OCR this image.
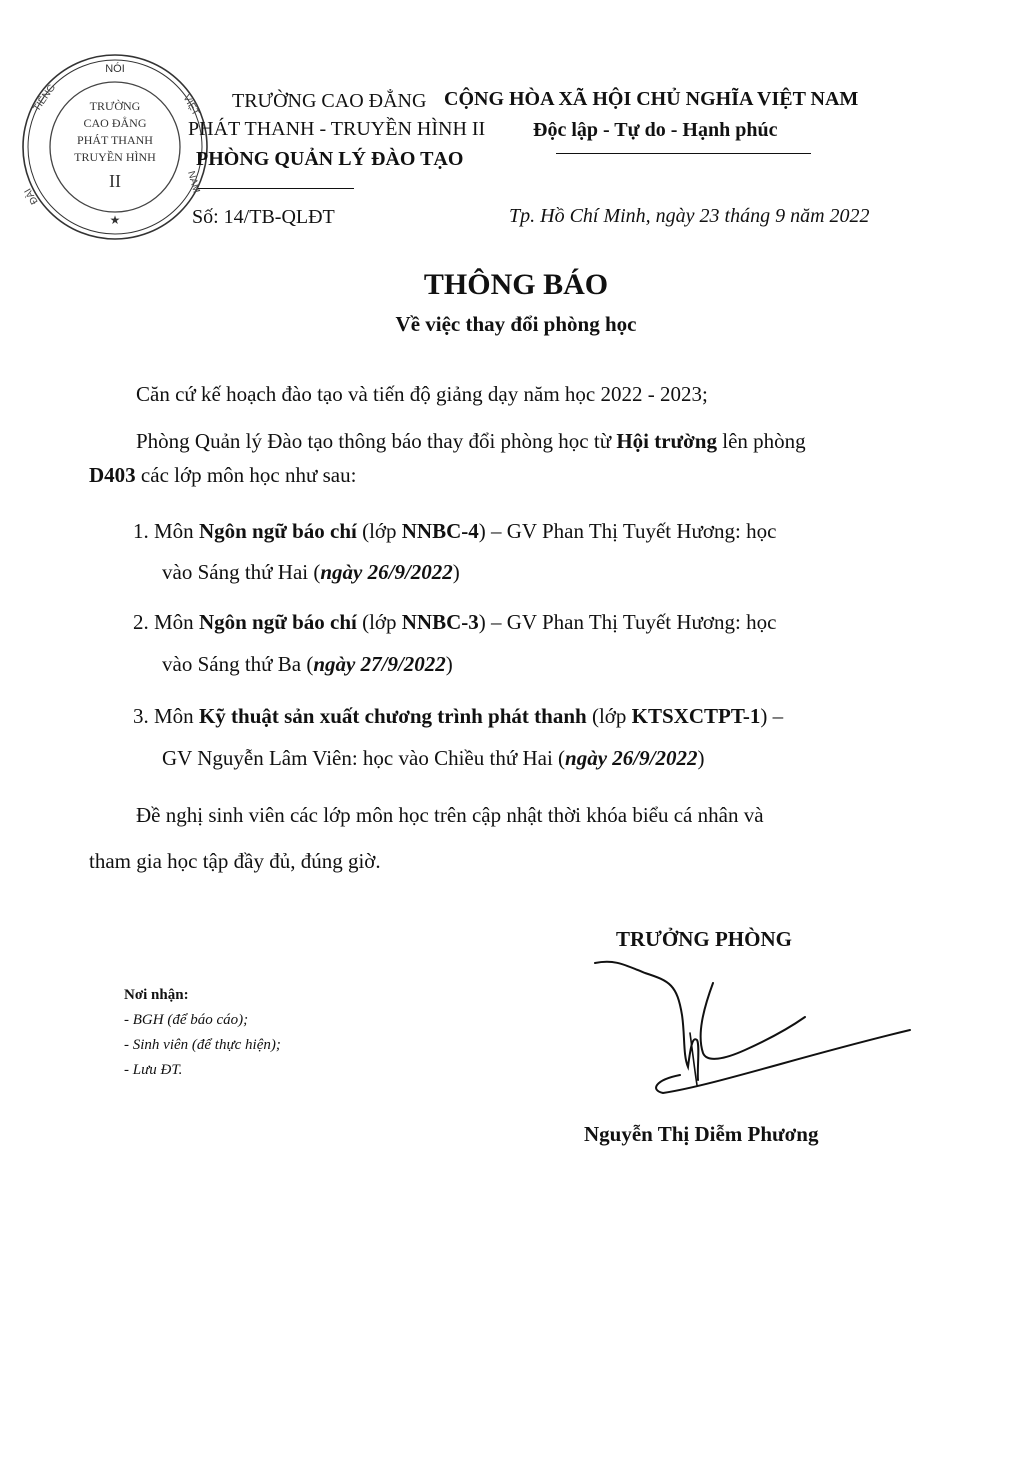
NÓI
TIẾNG	VIỆT
NAM
ĐÀI
TRƯỜNG
CAO ĐẲNG
PHÁT THANH
TRUYỀN HÌNH
II
★
TRƯỜNG CAO ĐẲNG
PHÁT THANH - TRUYỀN HÌNH II
PHÒNG QUẢN LÝ ĐÀO TẠO
Số: 14/TB-QLĐT
CỘNG HÒA XÃ HỘI CHỦ NGHĨA VIỆT NAM
Độc lập - Tự do - Hạnh phúc
Tp. Hồ Chí Minh, ngày 23 tháng 9 năm 2022
THÔNG BÁO
Về việc thay đổi phòng học
Căn cứ kế hoạch đào tạo và tiến độ giảng dạy năm học 2022 - 2023;
Phòng Quản lý Đào tạo thông báo thay đổi phòng học từ Hội trường lên phòng
D403 các lớp môn học như sau:
1. Môn Ngôn ngữ báo chí (lớp NNBC-4) – GV Phan Thị Tuyết Hương: học
vào Sáng thứ Hai (ngày 26/9/2022)
2. Môn Ngôn ngữ báo chí (lớp NNBC-3) – GV Phan Thị Tuyết Hương: học
vào Sáng thứ Ba (ngày 27/9/2022)
3. Môn Kỹ thuật sản xuất chương trình phát thanh (lớp KTSXCTPT-1) –
GV Nguyễn Lâm Viên: học vào Chiều thứ Hai (ngày 26/9/2022)
Đề nghị sinh viên các lớp môn học trên cập nhật thời khóa biểu cá nhân và
tham gia học tập đầy đủ, đúng giờ.
Nơi nhận:
- BGH (để báo cáo);
- Sinh viên (để thực hiện);
- Lưu ĐT.
TRƯỞNG PHÒNG
Nguyễn Thị Diễm Phương
